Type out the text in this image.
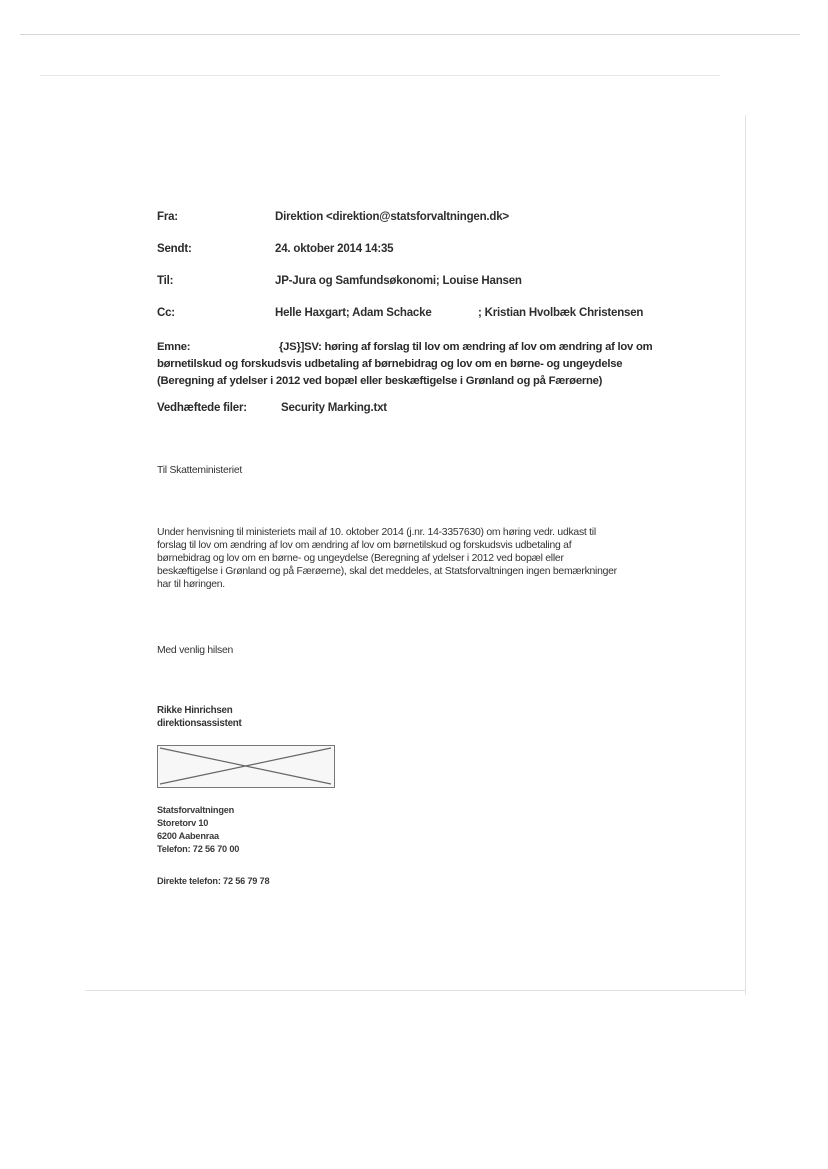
Fra:	Direktion <direktion@statsforvaltningen.dk>
Sendt:	24. oktober 2014 14:35
Til:	JP-Jura og Samfundsøkonomi; Louise Hansen
Cc:	Helle Haxgart; Adam Schacke	; Kristian Hvolbæk Christensen
Emne:	{JS}]SV: høring af forslag til lov om ændring af lov om ændring af lov om
børnetilskud og forskudsvis udbetaling af børnebidrag og lov om en børne- og ungeydelse
(Beregning af ydelser i 2012 ved bopæl eller beskæftigelse i Grønland og på Færøerne)
Vedhæftede filer:	Security Marking.txt
Til Skatteministeriet
Under henvisning til ministeriets mail af 10. oktober 2014 (j.nr. 14-3357630) om høring vedr. udkast til
forslag til lov om ændring af lov om ændring af lov om børnetilskud og forskudsvis udbetaling af
børnebidrag og lov om en børne- og ungeydelse (Beregning af ydelser i 2012 ved bopæl eller
beskæftigelse i Grønland og på Færøerne), skal det meddeles, at Statsforvaltningen ingen bemærkninger
har til høringen.
Med venlig hilsen
Rikke Hinrichsen
direktionsassistent
Statsforvaltningen
Storetorv 10
6200 Aabenraa
Telefon: 72 56 70 00
Direkte telefon: 72 56 79 78
